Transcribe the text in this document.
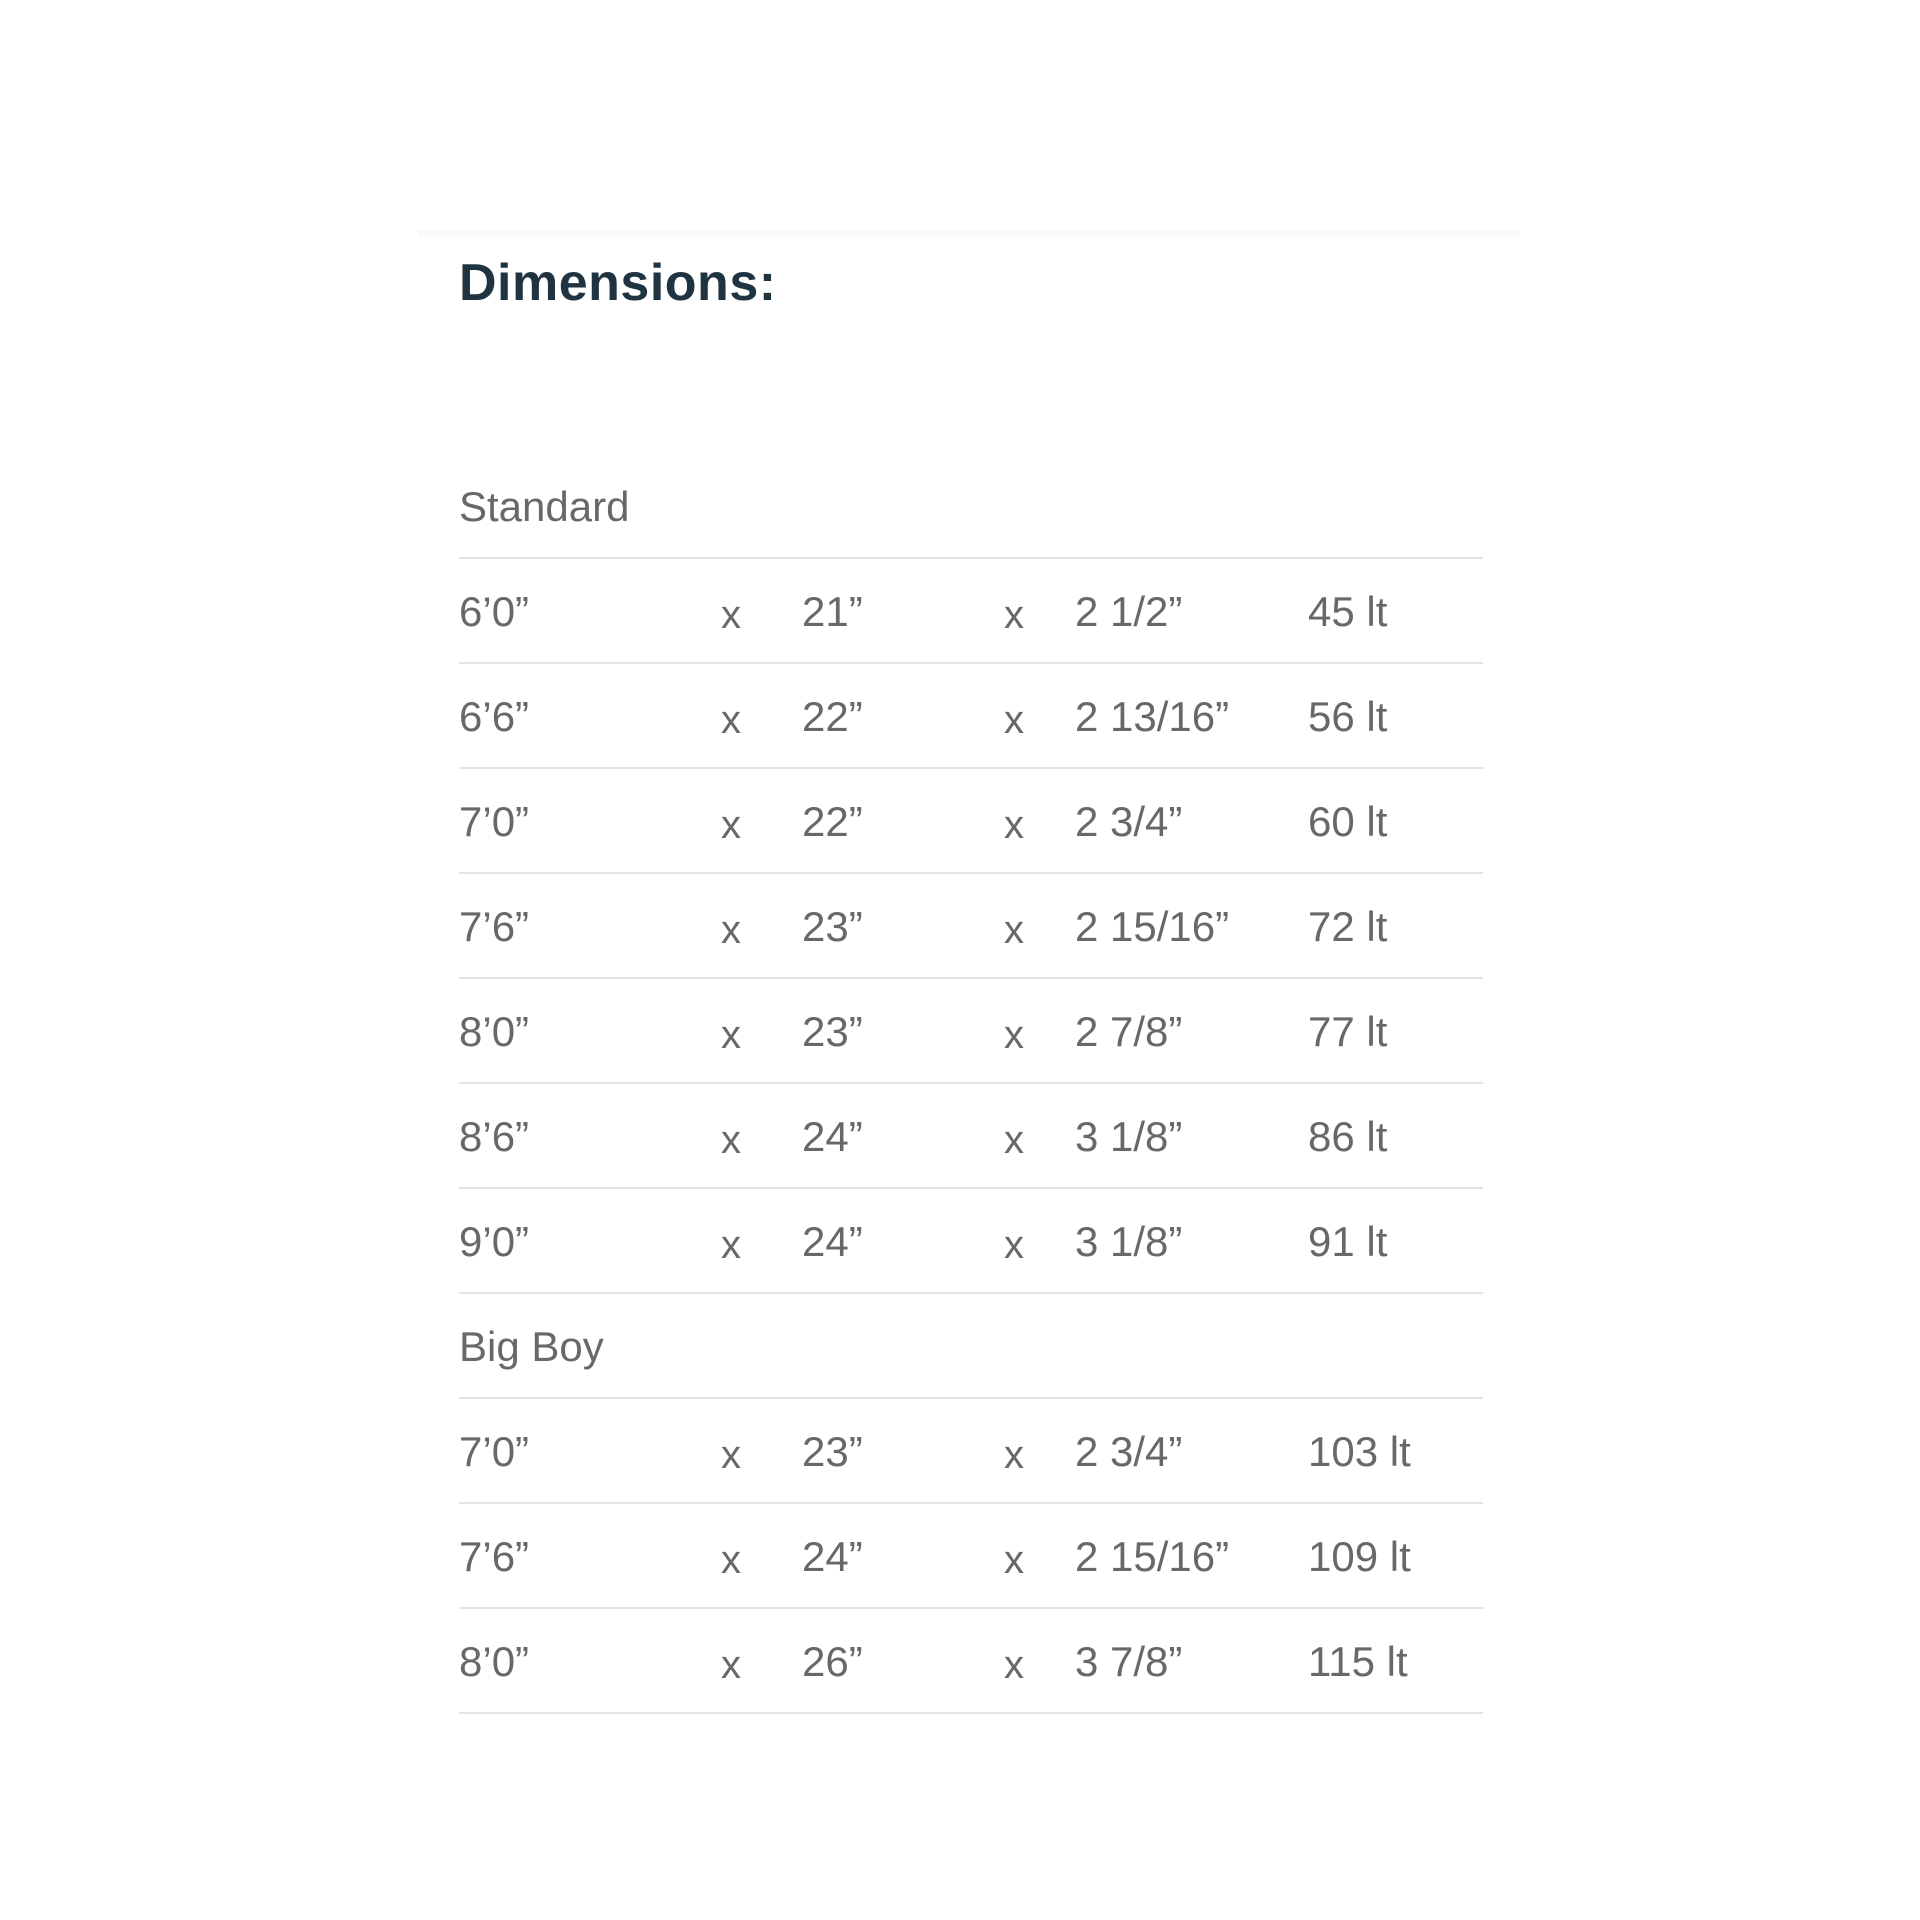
Dimensions:
Standard
6’0”	x 21”	x 2 1/2”	45 lt
6’6”	x 22”	x 2 13/16” 56 lt
7’0”	x 22”	x 2 3/4”	60 lt
7’6”	x 23”	x 2 15/16” 72 lt
8’0”	x 23”	x 2 7/8”	77 lt
8’6”	x 24”	x 3 1/8”	86 lt
9’0”	x 24”	x 3 1/8”	91 lt
Big Boy
7’0”	x 23”	x 2 3/4”	103 lt
7’6”	x 24”	x 2 15/16” 109 lt
8’0”	x 26”	x 3 7/8”	115 lt
